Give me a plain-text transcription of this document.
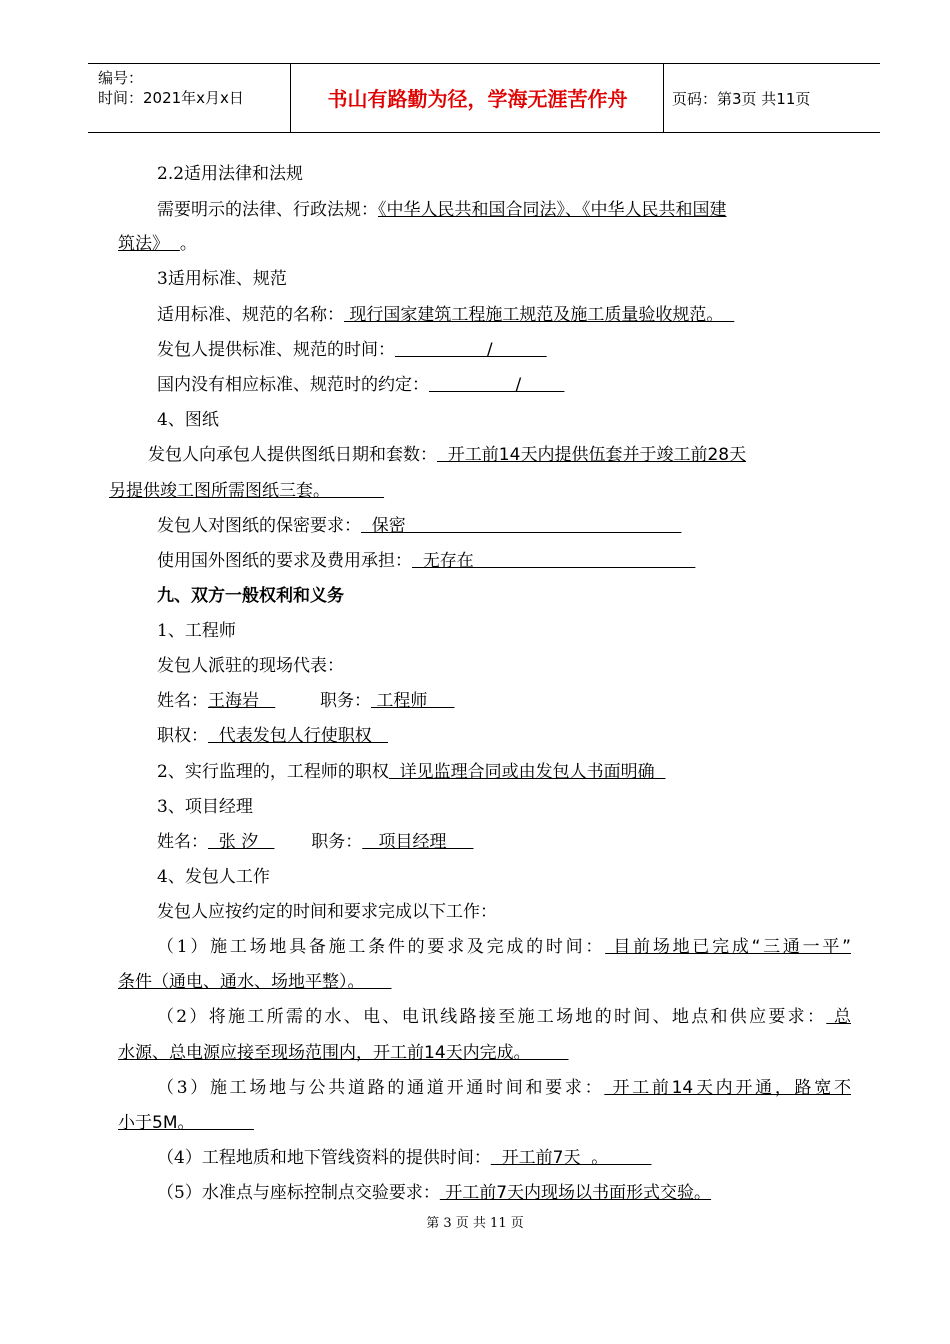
编号：
时间：2021年x月x日	书山有路勤为径，学海无涯苦作舟	页码：第3页 共11页
2.2适用法律和法规
需要明示的法律、行政法规：《中华人民共和国合同法》、《中华人民共和国建
筑法》 。
3适用标准、规范
适用标准、规范的名称： 现行国家建筑工程施工规范及施工质量验收规范。
发包人提供标准、规范的时间：                 /
国内没有相应标准、规范时的约定：                /
4、图纸
发包人向承包人提供图纸日期和套数：  开工前14天内提供伍套并于竣工前28天
另提供竣工图所需图纸三套。
发包人对图纸的保密要求：  保密
使用国外图纸的要求及费用承担：  无存在
九、双方一般权利和义务
1、工程师
发包人派驻的现场代表：
姓名：王海岩	职务： 工程师
职权：  代表发包人行使职权
2、实行监理的，工程师的职权  详见监理合同或由发包人书面明确
3、项目经理
姓名：  张 汐     职务：   项目经理
4、发包人工作
发包人应按约定的时间和要求完成以下工作：
（1）施工场地具备施工条件的要求及完成的时间： 目前场地已完成“三通一平”
条件（通电、通水、场地平整）。
（2）将施工所需的水、电、电讯线路接至施工场地的时间、地点和供应要求： 总
水源、总电源应接至现场范围内，开工前14天内完成。
（3）施工场地与公共道路的通道开通时间和要求： 开工前14天内开通，路宽不
小于5M。
（4）工程地质和地下管线资料的提供时间：  开工前7天  。
（5）水准点与座标控制点交验要求： 开工前7天内现场以书面形式交验。
第 3 页 共 11 页
